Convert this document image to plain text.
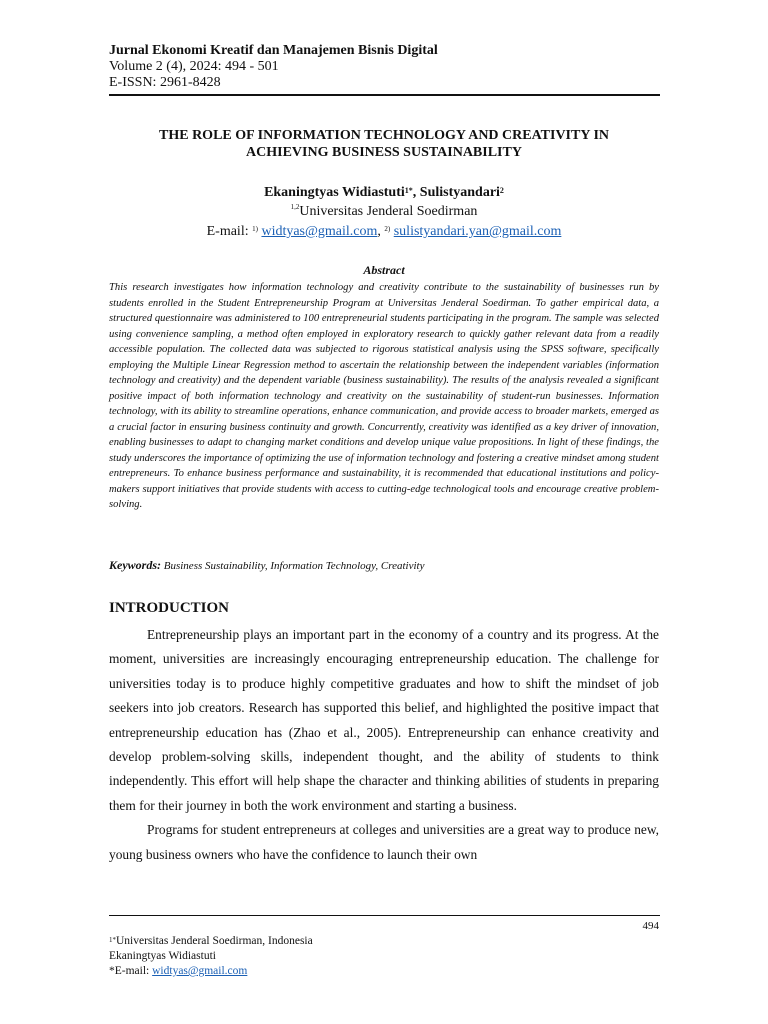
Jurnal Ekonomi Kreatif dan Manajemen Bisnis Digital
Volume 2 (4), 2024: 494 - 501
E-ISSN: 2961-8428
THE ROLE OF INFORMATION TECHNOLOGY AND CREATIVITY IN
ACHIEVING BUSINESS SUSTAINABILITY
Ekaningtyas Widiastuti$^{1*}$, Sulistyandari$^2$
$^{1,2}$Universitas Jenderal Soedirman
E-mail: $^{1)}$ widtyas@gmail.com, $^{2)}$ sulistyandari.yan@gmail.com
Abstract
This research investigates how information technology and creativity contribute to the sustainability of businesses run by students enrolled in the Student Entrepreneurship Program at Universitas Jenderal Soedirman. To gather empirical data, a structured questionnaire was administered to 100 entrepreneurial students participating in the program. The sample was selected using convenience sampling, a method often employed in exploratory research to quickly gather relevant data from a readily accessible population. The collected data was subjected to rigorous statistical analysis using the SPSS software, specifically employing the Multiple Linear Regression method to ascertain the relationship between the independent variables (information technology and creativity) and the dependent variable (business sustainability). The results of the analysis revealed a significant positive impact of both information technology and creativity on the sustainability of student-run businesses. Information technology, with its ability to streamline operations, enhance communication, and provide access to broader markets, emerged as a crucial factor in ensuring business continuity and growth. Concurrently, creativity was identified as a key driver of innovation, enabling businesses to adapt to changing market conditions and develop unique value propositions. In light of these findings, the study underscores the importance of optimizing the use of information technology and fostering a creative mindset among student entrepreneurs. To enhance business performance and sustainability, it is recommended that educational institutions and policy-makers support initiatives that provide students with access to cutting-edge technological tools and encourage creative problem-solving.
Keywords: Business Sustainability, Information Technology, Creativity
INTRODUCTION

Entrepreneurship plays an important part in the economy of a country and its progress. At the moment, universities are increasingly encouraging entrepreneurship education. The challenge for universities today is to produce highly competitive graduates and how to shift the mindset of job seekers into job creators. Research has supported this belief, and highlighted the positive impact that entrepreneurship education has (Zhao et al., 2005). Entrepreneurship can enhance creativity and develop problem-solving skills, independent thought, and the ability of students to think independently. This effort will help shape the character and thinking abilities of students in preparing them for their journey in both the work environment and starting a business.

Programs for student entrepreneurs at colleges and universities are a great way to produce new, young business owners who have the confidence to launch their own

494
$^{1*}$Universitas Jenderal Soedirman, Indonesia
Ekaningtyas Widiastuti
*E-mail: widtyas@gmail.com
